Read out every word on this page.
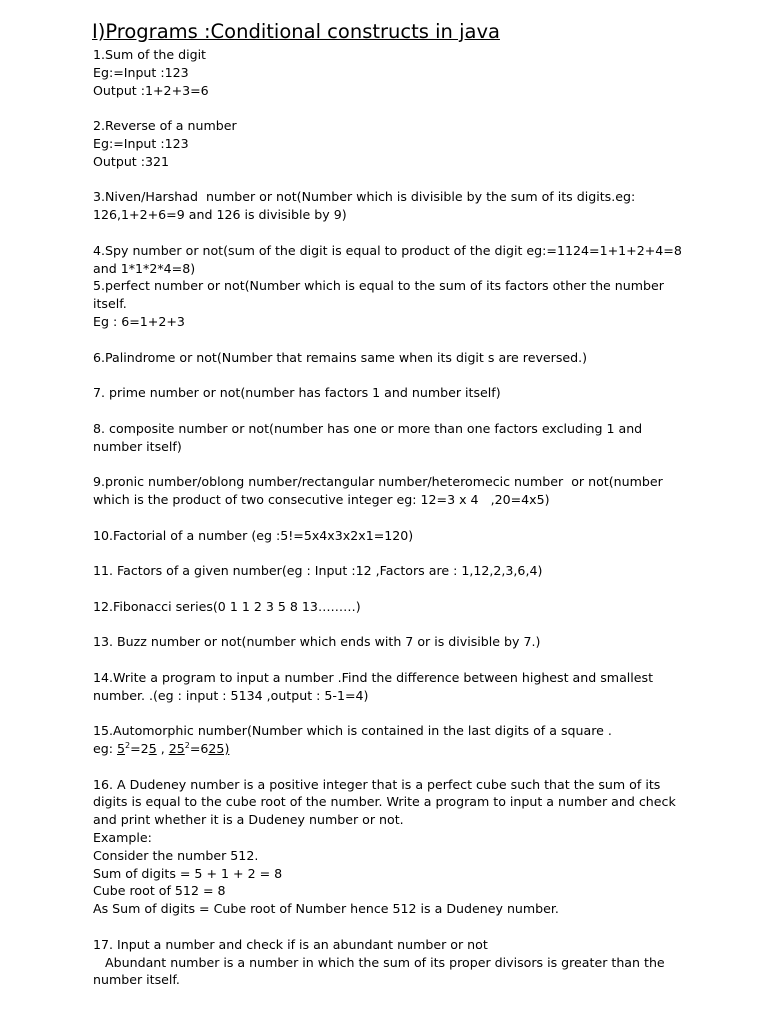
I)Programs :Conditional constructs in java
1.Sum of the digit
Eg:=Input :123
Output :1+2+3=6
2.Reverse of a number
Eg:=Input :123
Output :321
3.Niven/Harshad  number or not(Number which is divisible by the sum of its digits.eg:
126,1+2+6=9 and 126 is divisible by 9)
4.Spy number or not(sum of the digit is equal to product of the digit eg:=1124=1+1+2+4=8
and 1*1*2*4=8)
5.perfect number or not(Number which is equal to the sum of its factors other the number
itself.
Eg : 6=1+2+3
6.Palindrome or not(Number that remains same when its digit s are reversed.)
7. prime number or not(number has factors 1 and number itself)
8. composite number or not(number has one or more than one factors excluding 1 and
number itself)
9.pronic number/oblong number/rectangular number/heteromecic number  or not(number
which is the product of two consecutive integer eg: 12=3 x 4   ,20=4x5)
10.Factorial of a number (eg :5!=5x4x3x2x1=120)
11. Factors of a given number(eg : Input :12 ,Factors are : 1,12,2,3,6,4)
12.Fibonacci series(0 1 1 2 3 5 8 13………)
13. Buzz number or not(number which ends with 7 or is divisible by 7.)
14.Write a program to input a number .Find the difference between highest and smallest
number. .(eg : input : 5134 ,output : 5-1=4)
15.Automorphic number(Number which is contained in the last digits of a square .
eg: $5^2=25$ , $25^2=625$)
16. A Dudeney number is a positive integer that is a perfect cube such that the sum of its
digits is equal to the cube root of the number. Write a program to input a number and check
and print whether it is a Dudeney number or not.
Example:
Consider the number 512.
Sum of digits = 5 + 1 + 2 = 8
Cube root of 512 = 8
As Sum of digits = Cube root of Number hence 512 is a Dudeney number.
17. Input a number and check if is an abundant number or not
Abundant number is a number in which the sum of its proper divisors is greater than the
number itself.
